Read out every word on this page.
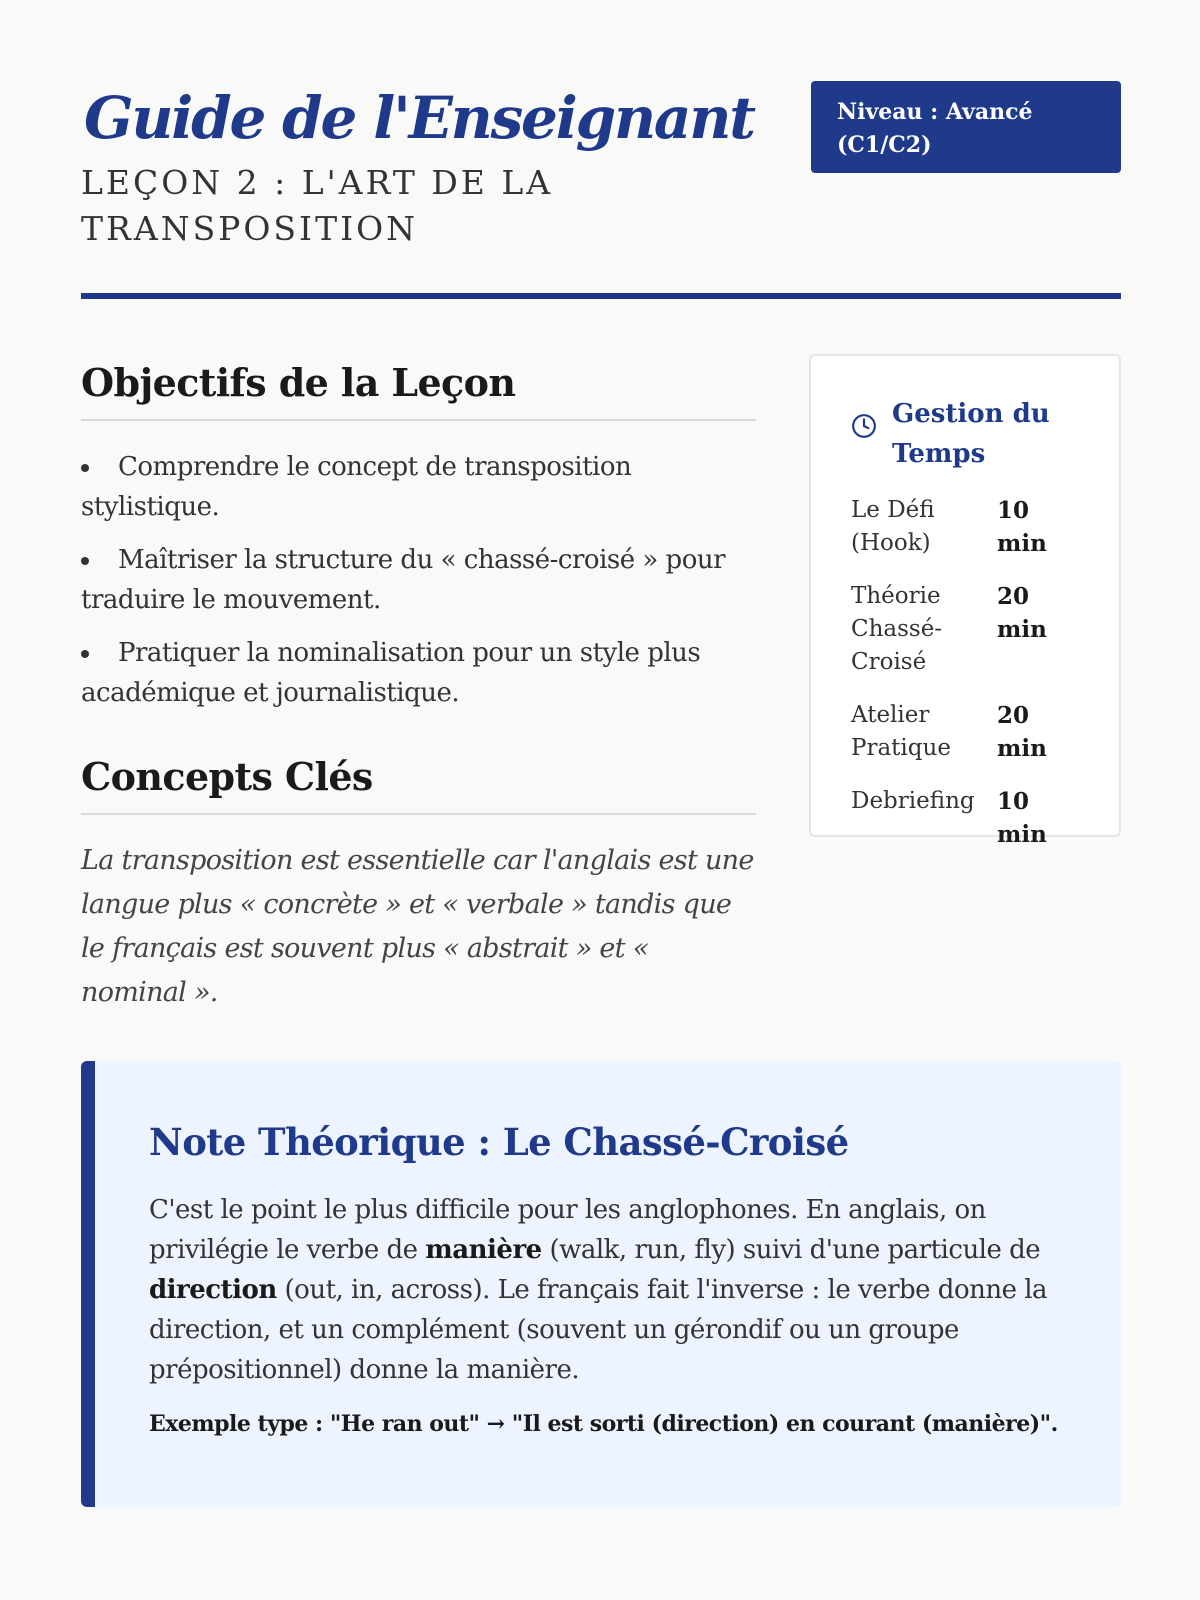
Guide de l'Enseignant
LEÇON 2 : L'ART DE LA TRANSPOSITION
Niveau : Avancé (C1/C2)
Objectifs de la Leçon
Comprendre le concept de transposition stylistique.
Maîtriser la structure du « chassé-croisé » pour traduire le mouvement.
Pratiquer la nominalisation pour un style plus académique et journalistique.
Concepts Clés

La transposition est essentielle car l'anglais est une langue plus « concrète » et « verbale » tandis que le français est souvent plus « abstrait » et « nominal ».

Gestion du Temps
Le Défi (Hook)
10 min
Théorie Chassé-Croisé
20 min
Atelier Pratique
20 min
Debriefing 10 min
Note Théorique : Le Chassé-Croisé

C'est le point le plus difficile pour les anglophones. En anglais, on privilégie le verbe de manière (walk, run, fly) suivi d'une particule de direction (out, in, across). Le français fait l'inverse : le verbe donne la direction, et un complément (souvent un gérondif ou un groupe prépositionnel) donne la manière.

Exemple type : "He ran out" → "Il est sorti (direction) en courant (manière)".
